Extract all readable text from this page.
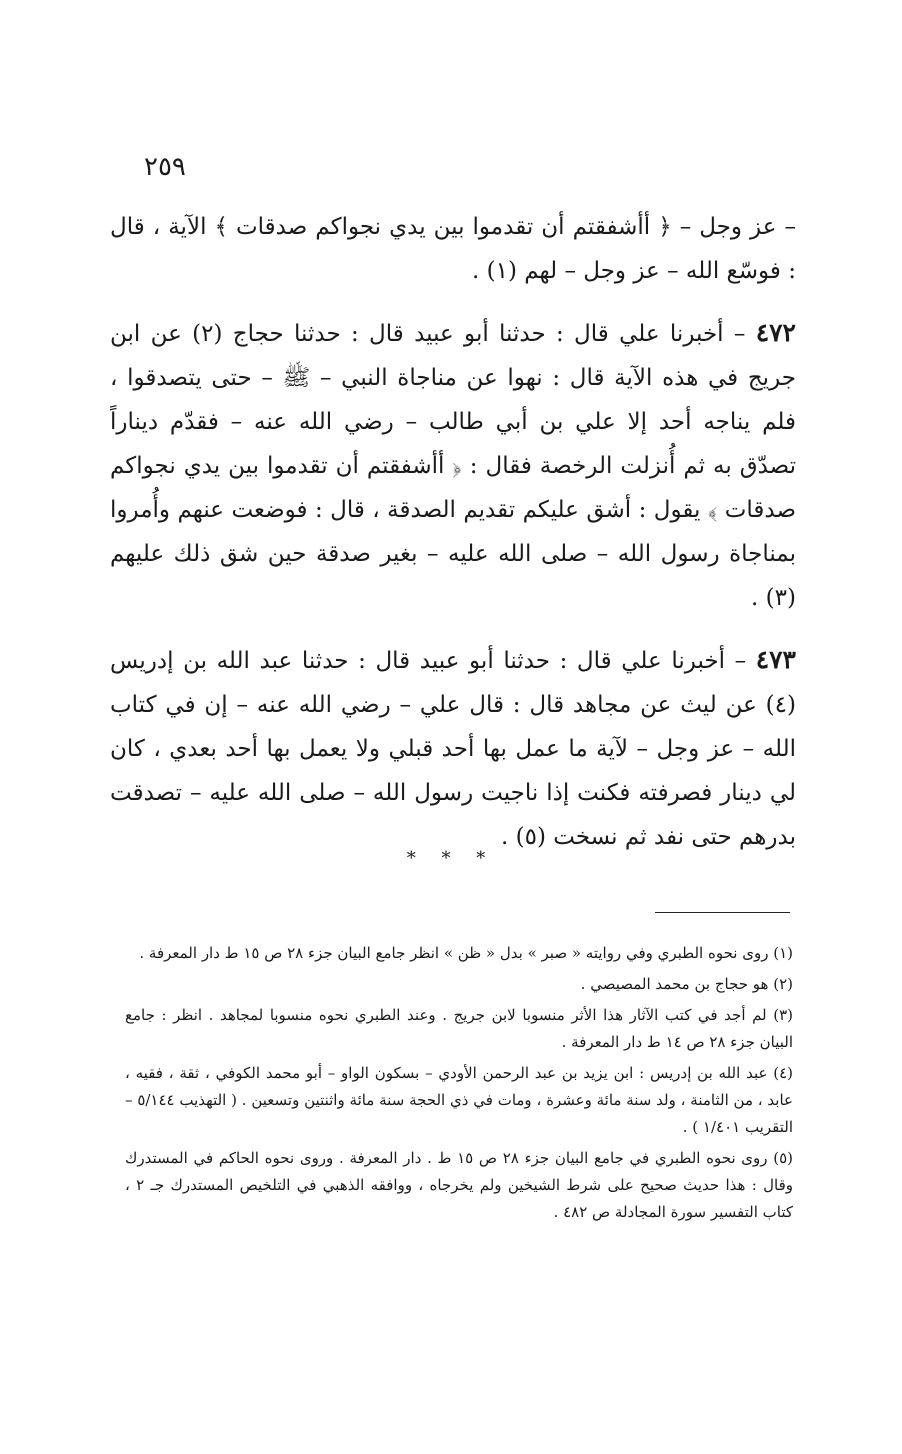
٢٥٩

– عز وجل – ﴿ أأشفقتم أن تقدموا بين يدي نجواكم صدقات ﴾ الآية ، قال : فوسّع الله – عز وجل – لهم (١) .

٤٧٢ – أخبرنا علي قال : حدثنا أبو عبيد قال : حدثنا حجاج (٢) عن ابن جريج في هذه الآية قال : نهوا عن مناجاة النبي – ﷺ – حتى يتصدقوا ، فلم يناجه أحد إلا علي بن أبي طالب – رضي الله عنه – فقدّم ديناراً تصدّق به ثم أُنزلت الرخصة فقال : ﴿ أأشفقتم أن تقدموا بين يدي نجواكم صدقات ﴾ يقول : أشق عليكم تقديم الصدقة ، قال : فوضعت عنهم وأُمروا بمناجاة رسول الله – صلى الله عليه – بغير صدقة حين شق ذلك عليهم (٣) .

٤٧٣ – أخبرنا علي قال : حدثنا أبو عبيد قال : حدثنا عبد الله بن إدريس (٤) عن ليث عن مجاهد قال : قال علي – رضي الله عنه – إن في كتاب الله – عز وجل – لآية ما عمل بها أحد قبلي ولا يعمل بها أحد بعدي ، كان لي دينار فصرفته فكنت إذا ناجيت رسول الله – صلى الله عليه – تصدقت بدرهم حتى نفد ثم نسخت (٥) .

* * *

(١) روى نحوه الطبري وفي روايته « صبر » بدل « ظن » انظر جامع البيان جزء ٢٨ ص ١٥ ط دار المعرفة .

(٢) هو حجاج بن محمد المصيصي .

(٣) لم أجد في كتب الآثار هذا الأثر منسوبا لابن جريج . وعند الطبري نحوه منسوبا لمجاهد . انظر : جامع البيان جزء ٢٨ ص ١٤ ط دار المعرفة .

(٤) عبد الله بن إدريس : ابن يزيد بن عبد الرحمن الأودي – بسكون الواو – أبو محمد الكوفي ، ثقة ، فقيه ، عابد ، من الثامنة ، ولد سنة مائة وعشرة ، ومات في ذي الحجة سنة مائة واثنتين وتسعين . ( التهذيب ٥/١٤٤ – التقريب ١/٤٠١ ) .

(٥) روى نحوه الطبري في جامع البيان جزء ٢٨ ص ١٥ ط . دار المعرفة . وروى نحوه الحاكم في المستدرك وقال : هذا حديث صحيح على شرط الشيخين ولم يخرجاه ، ووافقه الذهبي في التلخيص المستدرك جـ ٢ ، كتاب التفسير سورة المجادلة ص ٤٨٢ .
